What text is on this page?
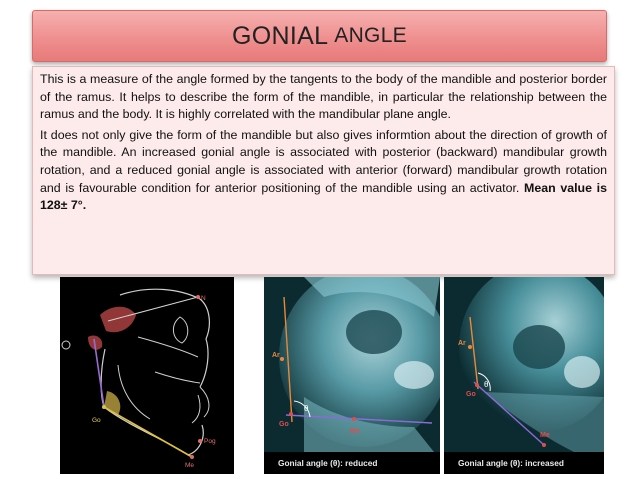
GONIAL ANGLE

This is a measure of the angle formed by the tangents to the body of the mandible and posterior border of the ramus. It helps to describe the form of the mandible, in particular the relationship between the ramus and the body. It is highly correlated with the mandibular plane angle.

It does not only give the form of the mandible but also gives informtion about the direction of growth of the mandible. An increased gonial angle is associated with posterior (backward) mandibular growth rotation, and a reduced gonial angle is associated with anterior (forward) mandibular growth rotation and is favourable condition for anterior positioning of the mandible using an activator. Mean value is 128± 7°.

N
Go
Pog
Me
Ar
θ
Go
Me
Gonial angle (θ): reduced
Ar
θ
Go
Me
Gonial angle (θ): increased
